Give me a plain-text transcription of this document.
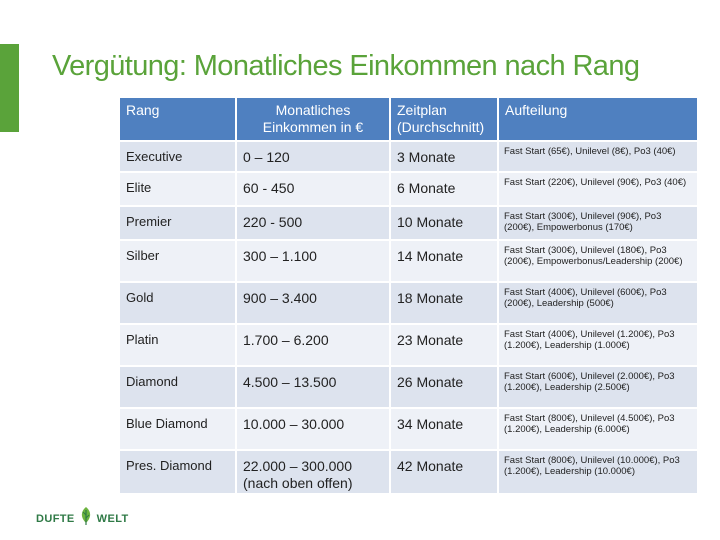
Vergütung: Monatliches Einkommen nach Rang
Rang	Monatliches Einkommen in €	Zeitplan (Durchschnitt)	Aufteilung
Executive	0 – 120	3 Monate	Fast Start (65€), Unilevel (8€), Po3 (40€)
Elite	60 - 450	6 Monate	Fast Start (220€), Unilevel (90€), Po3 (40€)
Premier	220 - 500	10 Monate	Fast Start (300€), Unilevel (90€), Po3 (200€), Empowerbonus (170€)
Silber	300 – 1.100	14 Monate	Fast Start (300€), Unilevel (180€), Po3 (200€), Empowerbonus/Leadership (200€)
Gold	900 – 3.400	18 Monate	Fast Start (400€), Unilevel (600€), Po3 (200€), Leadership (500€)
Platin	1.700 – 6.200	23 Monate	Fast Start (400€), Unilevel (1.200€), Po3 (1.200€), Leadership (1.000€)
Diamond	4.500 – 13.500	26 Monate	Fast Start (600€), Unilevel (2.000€), Po3 (1.200€), Leadership (2.500€)
Blue Diamond	10.000 – 30.000	34 Monate	Fast Start (800€), Unilevel (4.500€), Po3 (1.200€), Leadership (6.000€)
Pres. Diamond	22.000 – 300.000 (nach oben offen)	42 Monate	Fast Start (800€), Unilevel (10.000€), Po3 (1.200€), Leadership (10.000€)
DUFTE WELT
